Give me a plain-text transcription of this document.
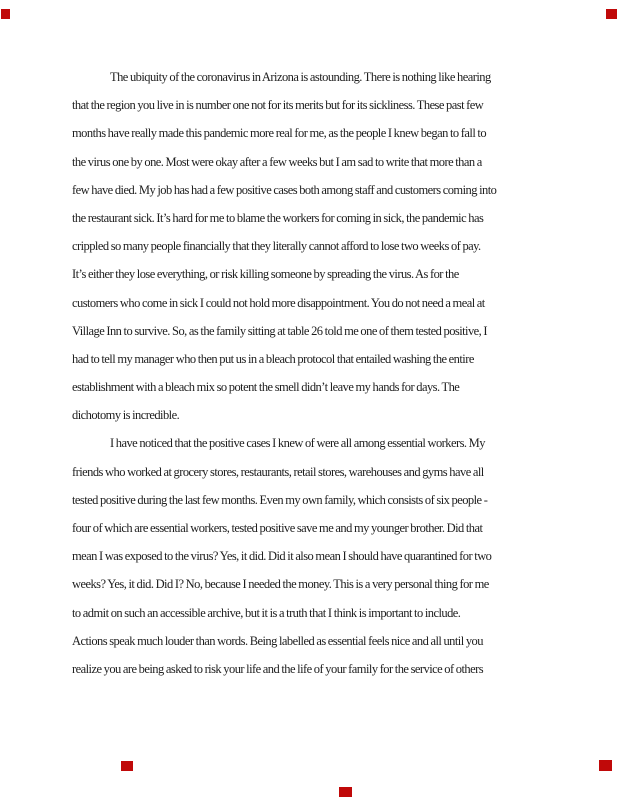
The ubiquity of the coronavirus in Arizona is astounding. There is nothing like hearing
that the region you live in is number one not for its merits but for its sickliness. These past few
months have really made this pandemic more real for me, as the people I knew began to fall to
the virus one by one. Most were okay after a few weeks but I am sad to write that more than a
few have died. My job has had a few positive cases both among staff and customers coming into
the restaurant sick. It’s hard for me to blame the workers for coming in sick, the pandemic has
crippled so many people financially that they literally cannot afford to lose two weeks of pay.
It’s either they lose everything, or risk killing someone by spreading the virus. As for the
customers who come in sick I could not hold more disappointment. You do not need a meal at
Village Inn to survive. So, as the family sitting at table 26 told me one of them tested positive, I
had to tell my manager who then put us in a bleach protocol that entailed washing the entire
establishment with a bleach mix so potent the smell didn’t leave my hands for days. The
dichotomy is incredible.
I have noticed that the positive cases I knew of were all among essential workers. My
friends who worked at grocery stores, restaurants, retail stores, warehouses and gyms have all
tested positive during the last few months. Even my own family, which consists of six people -
four of which are essential workers, tested positive save me and my younger brother. Did that
mean I was exposed to the virus? Yes, it did. Did it also mean I should have quarantined for two
weeks? Yes, it did. Did I? No, because I needed the money. This is a very personal thing for me
to admit on such an accessible archive, but it is a truth that I think is important to include.
Actions speak much louder than words. Being labelled as essential feels nice and all until you
realize you are being asked to risk your life and the life of your family for the service of others
